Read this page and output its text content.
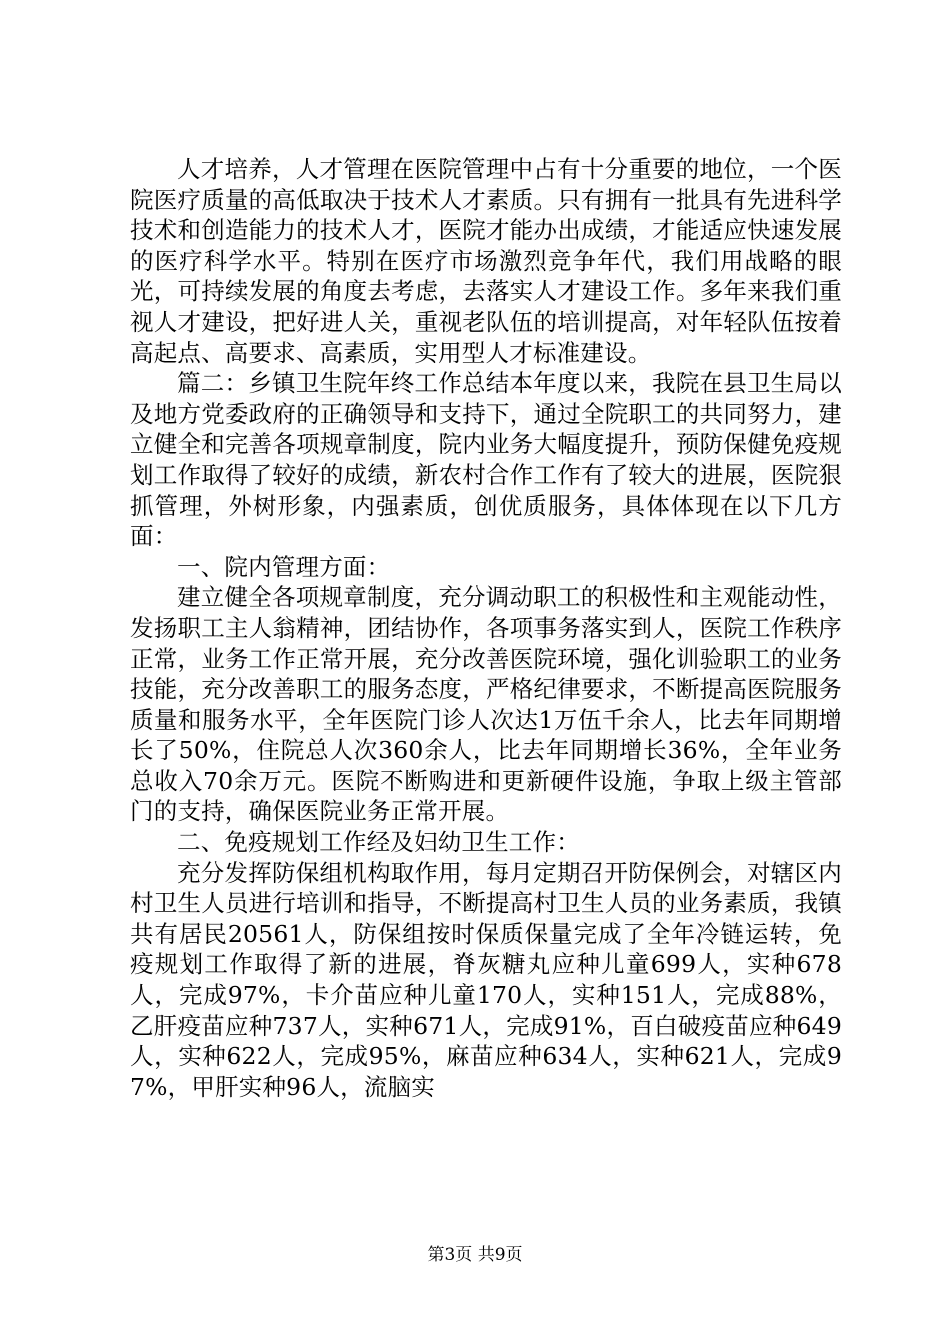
人才培养，人才管理在医院管理中占有十分重要的地位，一个医院医疗质量的高低取决于技术人才素质。只有拥有一批具有先进科学技术和创造能力的技术人才，医院才能办出成绩，才能适应快速发展的医疗科学水平。特别在医疗市场激烈竞争年代，我们用战略的眼光，可持续发展的角度去考虑，去落实人才建设工作。多年来我们重视人才建设，把好进人关，重视老队伍的培训提高，对年轻队伍按着高起点、高要求、高素质，实用型人才标准建设。

篇二：乡镇卫生院年终工作总结本年度以来，我院在县卫生局以及地方党委政府的正确领导和支持下，通过全院职工的共同努力，建立健全和完善各项规章制度，院内业务大幅度提升，预防保健免疫规划工作取得了较好的成绩，新农村合作工作有了较大的进展，医院狠抓管理，外树形象，内强素质，创优质服务，具体体现在以下几方面：

一、院内管理方面：

建立健全各项规章制度，充分调动职工的积极性和主观能动性，发扬职工主人翁精神，团结协作，各项事务落实到人，医院工作秩序正常，业务工作正常开展，充分改善医院环境，强化训验职工的业务技能，充分改善职工的服务态度，严格纪律要求，不断提高医院服务质量和服务水平，全年医院门诊人次达1万伍千余人，比去年同期增长了50%，住院总人次360余人，比去年同期增长36%，全年业务总收入70余万元。医院不断购进和更新硬件设施，争取上级主管部门的支持，确保医院业务正常开展。

二、免疫规划工作经及妇幼卫生工作：

充分发挥防保组机构取作用，每月定期召开防保例会，对辖区内村卫生人员进行培训和指导，不断提高村卫生人员的业务素质，我镇共有居民20561人，防保组按时保质保量完成了全年冷链运转，免疫规划工作取得了新的进展，脊灰糖丸应种儿童699人，实种678人，完成97%，卡介苗应种儿童170人，实种151人，完成88%，乙肝疫苗应种737人，实种671人，完成91%，百白破疫苗应种649人，实种622人，完成95%，麻苗应种634人，实种621人，完成97%，甲肝实种96人，流脑实

第3页 共9页
